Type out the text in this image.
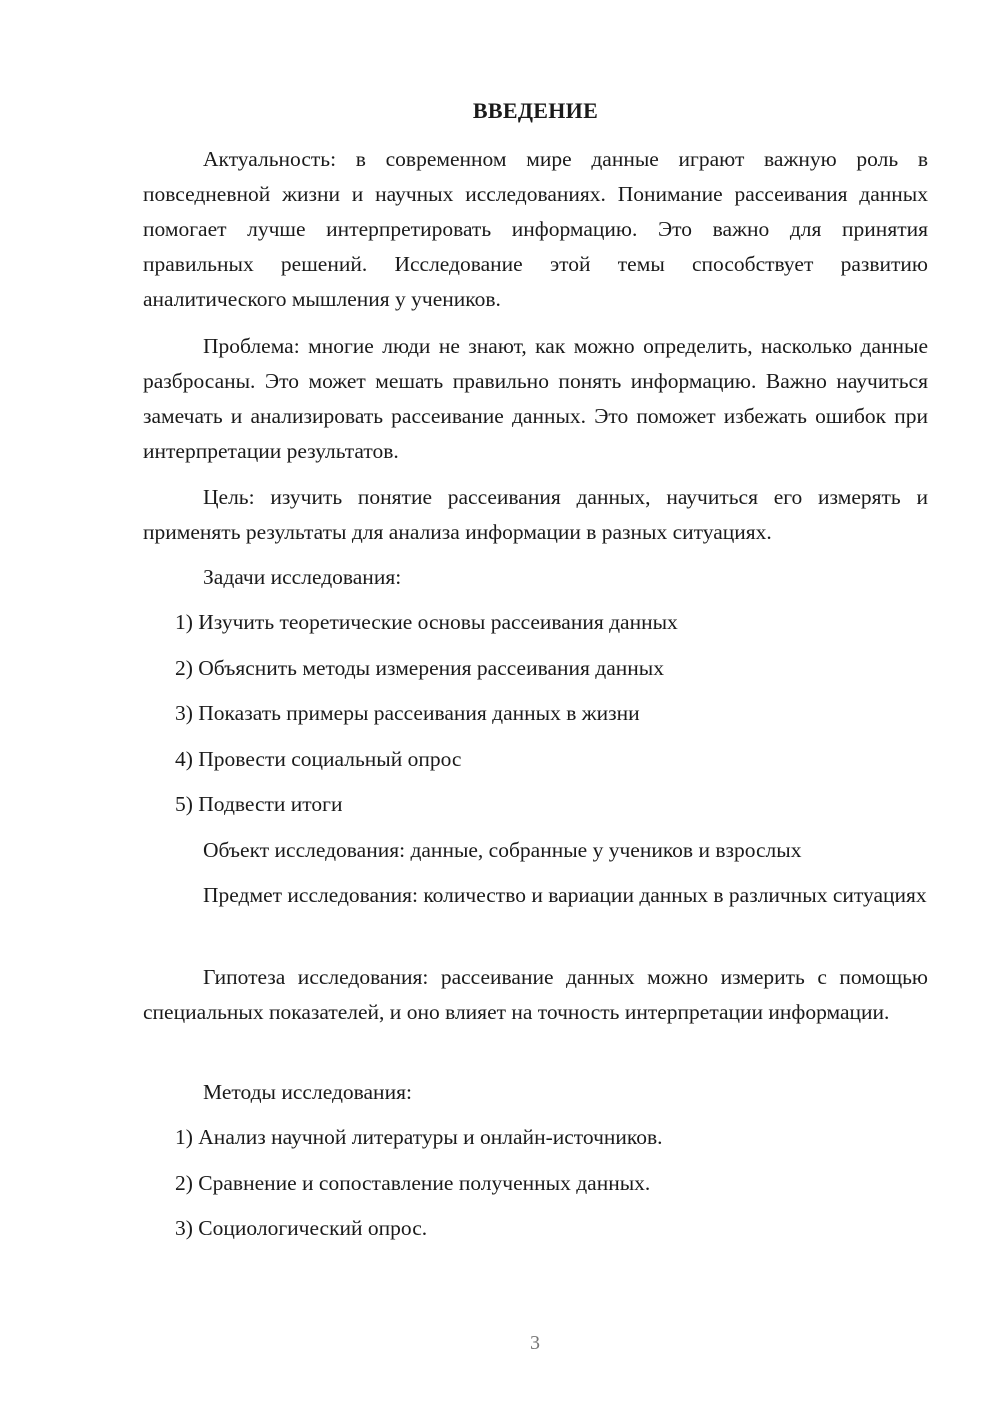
ВВЕДЕНИЕ

Актуальность: в современном мире данные играют важную роль в повседневной жизни и научных исследованиях. Понимание рассеивания данных помогает лучше интерпретировать информацию. Это важно для принятия правильных решений. Исследование этой темы способствует развитию аналитического мышления у учеников.

Проблема: многие люди не знают, как можно определить, насколько данные разбросаны. Это может мешать правильно понять информацию. Важно научиться замечать и анализировать рассеивание данных. Это поможет избежать ошибок при интерпретации результатов.

Цель: изучить понятие рассеивания данных, научиться его измерять и применять результаты для анализа информации в разных ситуациях.

Задачи исследования:
1) Изучить теоретические основы рассеивания данных
2) Объяснить методы измерения рассеивания данных
3) Показать примеры рассеивания данных в жизни
4) Провести социальный опрос
5) Подвести итоги
Объект исследования: данные, собранные у учеников и взрослых

Предмет исследования: количество и вариации данных в различных ситуациях

Гипотеза исследования: рассеивание данных можно измерить с помощью специальных показателей, и оно влияет на точность интерпретации информации.

Методы исследования:
1) Анализ научной литературы и онлайн-источников.
2) Сравнение и сопоставление полученных данных.
3) Социологический опрос.
3
